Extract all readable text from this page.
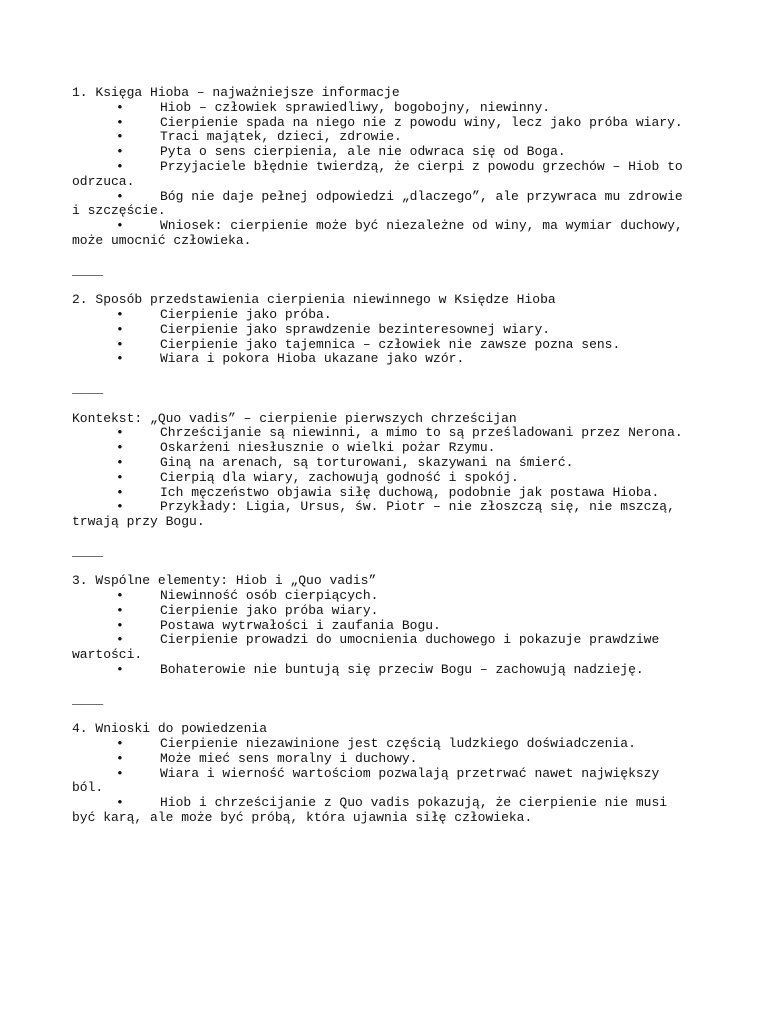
1. Księga Hioba – najważniejsze informacje

•	Hiob – człowiek sprawiedliwy, bogobojny, niewinny.
•	Cierpienie spada na niego nie z powodu winy, lecz jako próba wiary.
•	Traci majątek, dzieci, zdrowie.
•	Pyta o sens cierpienia, ale nie odwraca się od Boga.
•	Przyjaciele błędnie twierdzą, że cierpi z powodu grzechów – Hiob to odrzuca.
•	Bóg nie daje pełnej odpowiedzi „dlaczego”, ale przywraca mu zdrowie i szczęście.
•	Wniosek: cierpienie może być niezależne od winy, ma wymiar duchowy, może umocnić człowieka.
____

2. Sposób przedstawienia cierpienia niewinnego w Księdze Hioba

•	Cierpienie jako próba.
•	Cierpienie jako sprawdzenie bezinteresownej wiary.
•	Cierpienie jako tajemnica – człowiek nie zawsze pozna sens.
•	Wiara i pokora Hioba ukazane jako wzór.
____

Kontekst: „Quo vadis” – cierpienie pierwszych chrześcijan

•	Chrześcijanie są niewinni, a mimo to są prześladowani przez Nerona.
•	Oskarżeni niesłusznie o wielki pożar Rzymu.
•	Giną na arenach, są torturowani, skazywani na śmierć.
•	Cierpią dla wiary, zachowują godność i spokój.
•	Ich męczeństwo objawia siłę duchową, podobnie jak postawa Hioba.
•	Przykłady: Ligia, Ursus, św. Piotr – nie złoszczą się, nie mszczą, trwają przy Bogu.
____

3. Wspólne elementy: Hiob i „Quo vadis”

•	Niewinność osób cierpiących.
•	Cierpienie jako próba wiary.
•	Postawa wytrwałości i zaufania Bogu.
•	Cierpienie prowadzi do umocnienia duchowego i pokazuje prawdziwe wartości.
•	Bohaterowie nie buntują się przeciw Bogu – zachowują nadzieję.
____

4. Wnioski do powiedzenia

•	Cierpienie niezawinione jest częścią ludzkiego doświadczenia.
•	Może mieć sens moralny i duchowy.
•	Wiara i wierność wartościom pozwalają przetrwać nawet największy ból.
•	Hiob i chrześcijanie z Quo vadis pokazują, że cierpienie nie musi być karą, ale może być próbą, która ujawnia siłę człowieka.
